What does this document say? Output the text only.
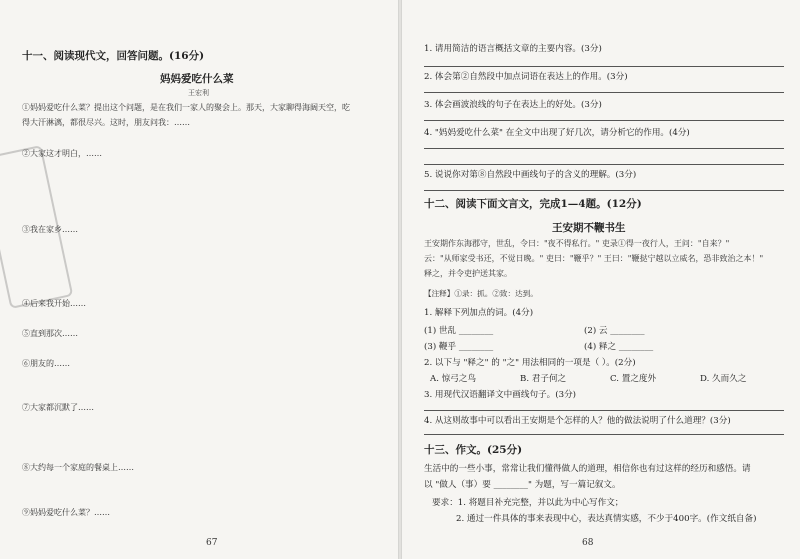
十一、阅读现代文，回答问题。(16分)
妈妈爱吃什么菜
王宏利
①妈妈爱吃什么菜？提出这个问题，是在我们一家人的聚会上。那天，大家聊得海阔天空，吃
得大汗淋漓，都很尽兴。这时，朋友问我：……
②大家这才明白，……
③我在家乡……
④后来我开始……
⑤直到那次……
⑥朋友的……
⑦大家都沉默了……
⑧大约每一个家庭的餐桌上……
⑨妈妈爱吃什么菜？……
67
1. 请用简洁的语言概括文章的主要内容。(3分)
2. 体会第②自然段中加点词语在表达上的作用。(3分)
3. 体会画波浪线的句子在表达上的好处。(3分)
4. "妈妈爱吃什么菜" 在全文中出现了好几次，请分析它的作用。(4分)
5. 说说你对第⑧自然段中画线句子的含义的理解。(3分)
十二、阅读下面文言文，完成1—4题。(12分)
王安期不鞭书生
王安期作东海郡守，世乱，令曰："夜不得私行。" 吏录①得一夜行人，王问："自来？"
云："从师家受书还，不觉日晚。" 吏曰："鞭乎？" 王曰："鞭挞宁越以立威名，恐非致治之本！"
释之，并令吏护送其家。
【注释】①录：抓。②致：达到。
1. 解释下列加点的词。(4分)
(1) 世乱 ________	(2) 云 ________
(3) 鞭乎 ________	(4) 释之 ________
2. 以下与 "释之" 的 "之" 用法相同的一项是（ ）。(2分)
A. 惊弓之鸟	B. 君子何之	C. 置之度外	D. 久而久之
3. 用现代汉语翻译文中画线句子。(3分)
4. 从这则故事中可以看出王安期是个怎样的人？他的做法说明了什么道理？(3分)
十三、作文。(25分)
生活中的一些小事，常常让我们懂得做人的道理，相信你也有过这样的经历和感悟。请
以 "做人（事）要 ________" 为题，写一篇记叙文。
要求：1. 将题目补充完整，并以此为中心写作文；
2. 通过一件具体的事来表现中心，表达真情实感，不少于400字。(作文纸自备)
68
